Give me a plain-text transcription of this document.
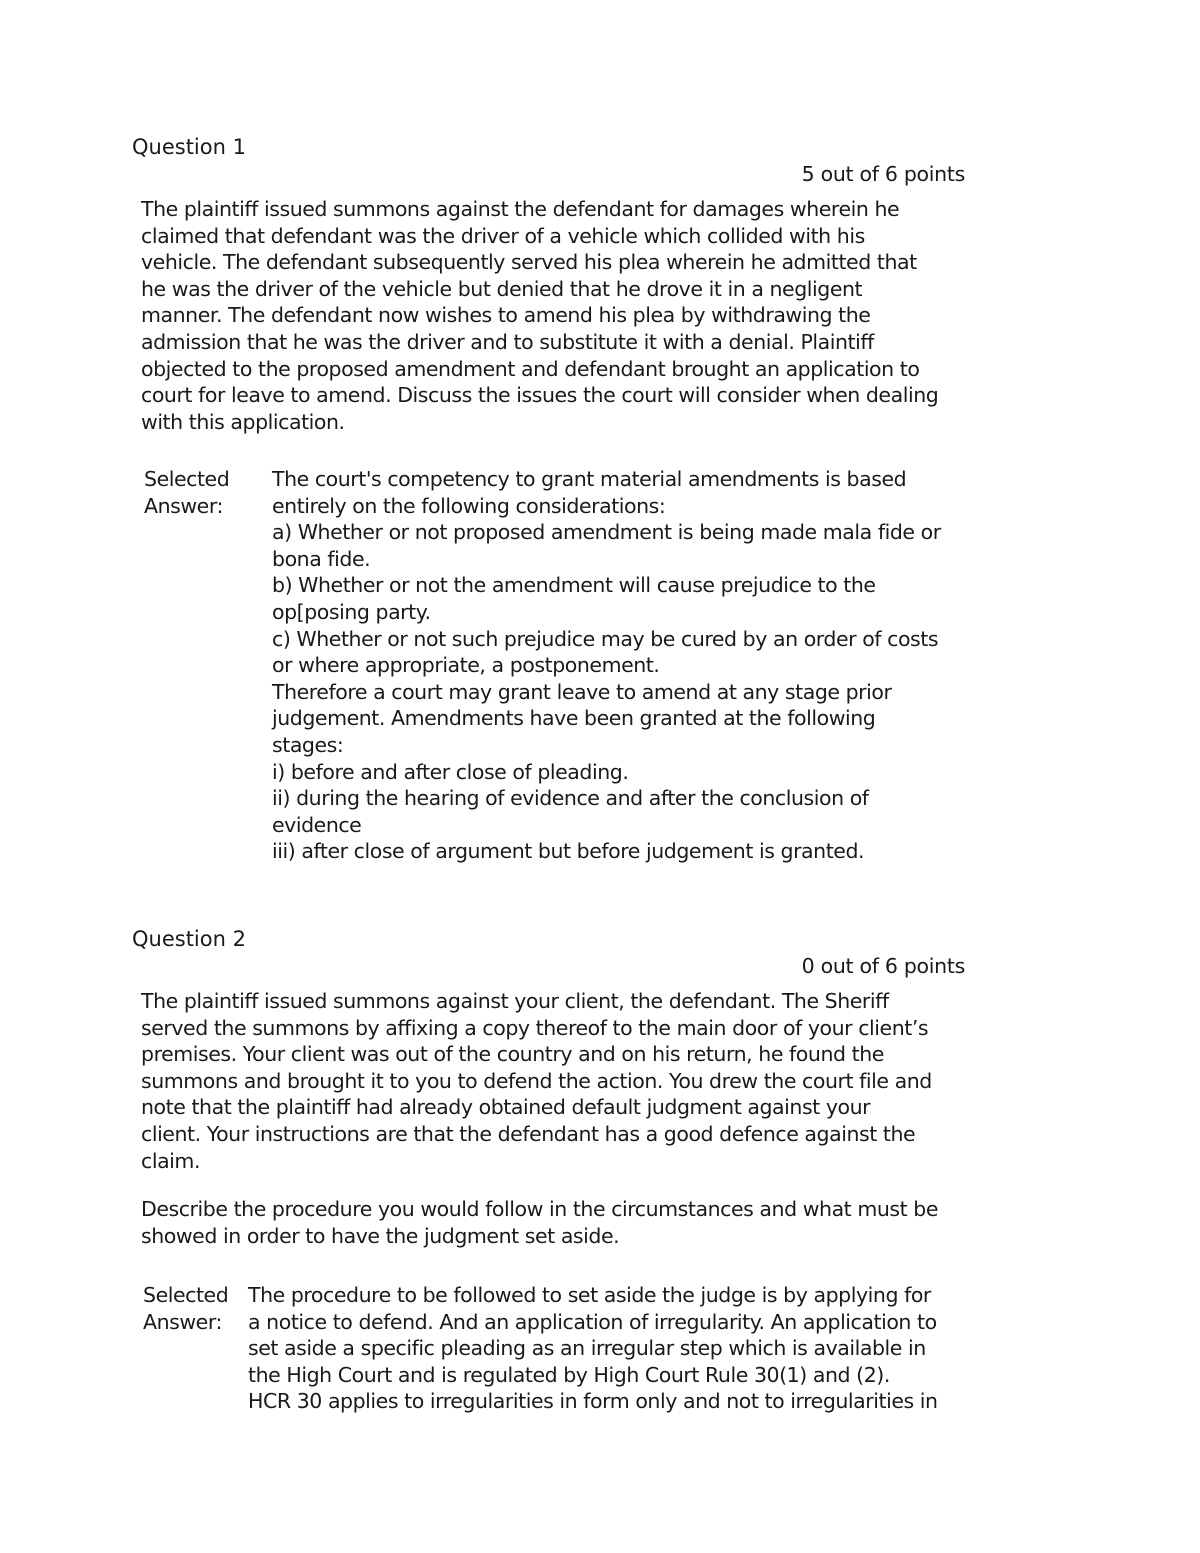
Question 1
5 out of 6 points

The plaintiff issued summons against the defendant for damages wherein he
claimed that defendant was the driver of a vehicle which collided with his
vehicle. The defendant subsequently served his plea wherein he admitted that
he was the driver of the vehicle but denied that he drove it in a negligent
manner. The defendant now wishes to amend his plea by withdrawing the
admission that he was the driver and to substitute it with a denial. Plaintiff
objected to the proposed amendment and defendant brought an application to
court for leave to amend. Discuss the issues the court will consider when dealing
with this application.

Selected
Answer:
The court's competency to grant material amendments is based
entirely on the following considerations:
a) Whether or not proposed amendment is being made mala fide or
bona fide.
b) Whether or not the amendment will cause prejudice to the
op[posing party.
c) Whether or not such prejudice may be cured by an order of costs
or where appropriate, a postponement.
Therefore a court may grant leave to amend at any stage prior
judgement. Amendments have been granted at the following
stages:
i) before and after close of pleading.
ii) during the hearing of evidence and after the conclusion of
evidence
iii) after close of argument but before judgement is granted.
Question 2
0 out of 6 points

The plaintiff issued summons against your client, the defendant. The Sheriff
served the summons by affixing a copy thereof to the main door of your client’s
premises. Your client was out of the country and on his return, he found the
summons and brought it to you to defend the action. You drew the court file and
note that the plaintiff had already obtained default judgment against your
client. Your instructions are that the defendant has a good defence against the
claim.

Describe the procedure you would follow in the circumstances and what must be
showed in order to have the judgment set aside.

Selected
Answer:
The procedure to be followed to set aside the judge is by applying for
a notice to defend. And an application of irregularity. An application to
set aside a specific pleading as an irregular step which is available in
the High Court and is regulated by High Court Rule 30(1) and (2).
HCR 30 applies to irregularities in form only and not to irregularities in
